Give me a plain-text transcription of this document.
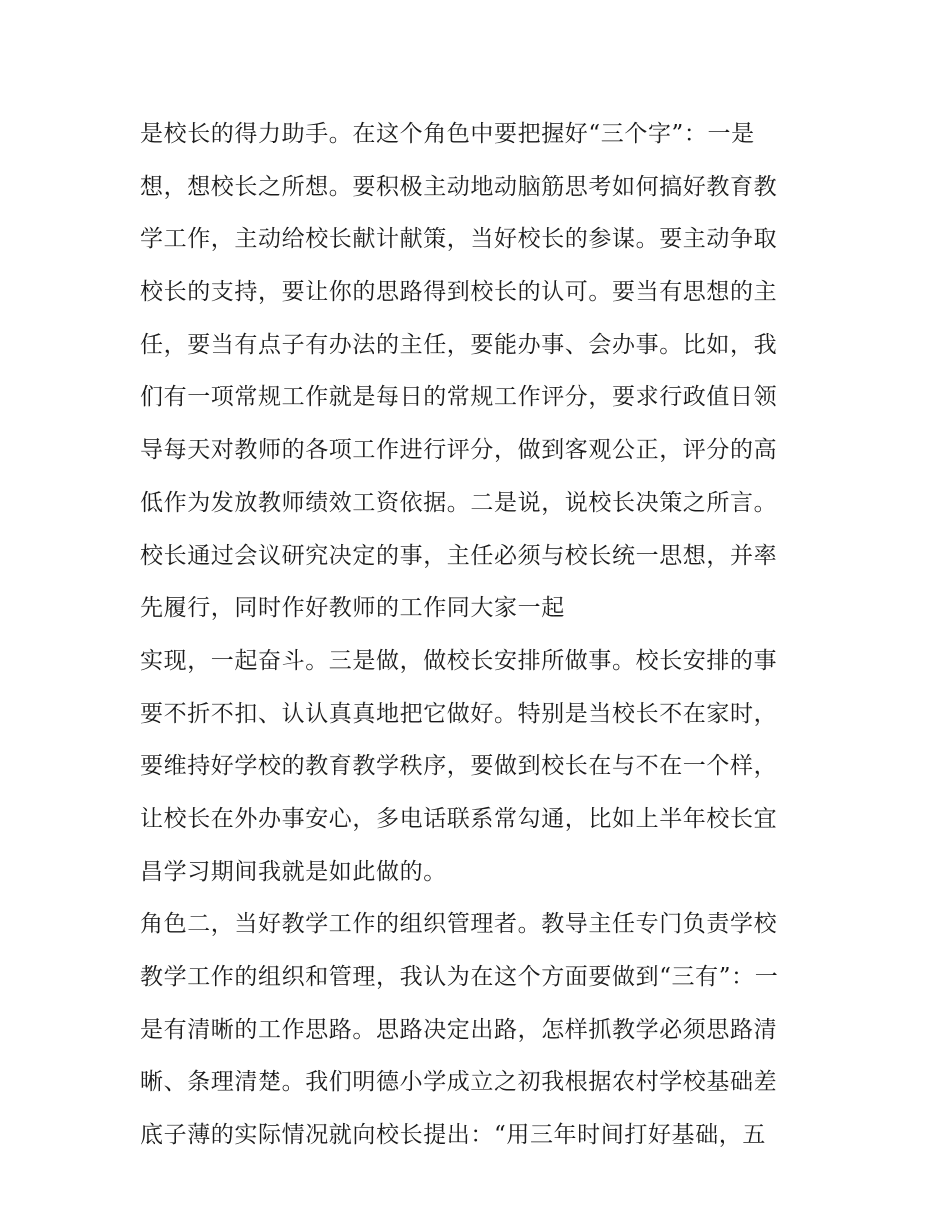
是校长的得力助手。在这个角色中要把握好“三个字”：一是
想，想校长之所想。要积极主动地动脑筋思考如何搞好教育教
学工作，主动给校长献计献策，当好校长的参谋。要主动争取
校长的支持，要让你的思路得到校长的认可。要当有思想的主
任，要当有点子有办法的主任，要能办事、会办事。比如，我
们有一项常规工作就是每日的常规工作评分，要求行政值日领
导每天对教师的各项工作进行评分，做到客观公正，评分的高
低作为发放教师绩效工资依据。二是说，说校长决策之所言。
校长通过会议研究决定的事，主任必须与校长统一思想，并率
先履行，同时作好教师的工作同大家一起
实现，一起奋斗。三是做，做校长安排所做事。校长安排的事
要不折不扣、认认真真地把它做好。特别是当校长不在家时，
要维持好学校的教育教学秩序，要做到校长在与不在一个样，
让校长在外办事安心，多电话联系常勾通，比如上半年校长宜
昌学习期间我就是如此做的。
角色二，当好教学工作的组织管理者。教导主任专门负责学校
教学工作的组织和管理，我认为在这个方面要做到“三有”：一
是有清晰的工作思路。思路决定出路，怎样抓教学必须思路清
晰、条理清楚。我们明德小学成立之初我根据农村学校基础差
底子薄的实际情况就向校长提出：“用三年时间打好基础，五
